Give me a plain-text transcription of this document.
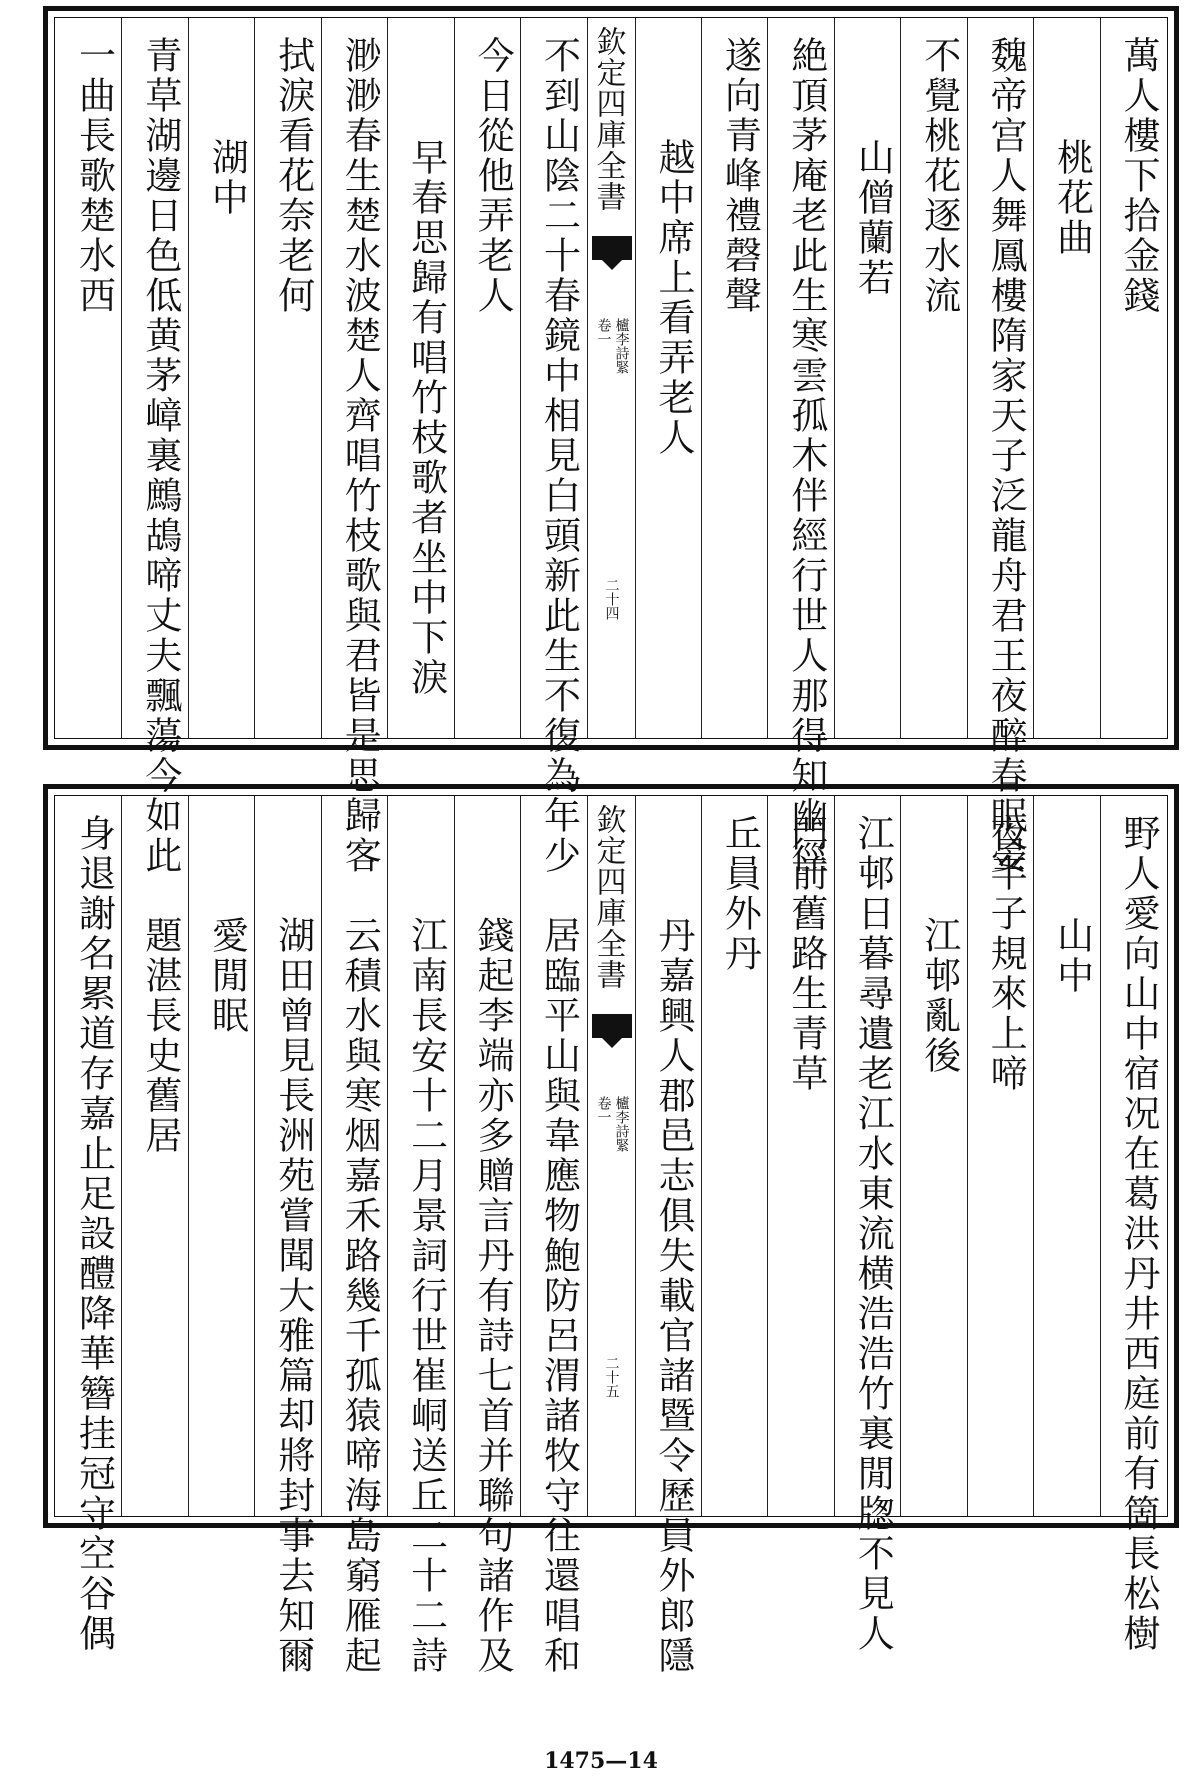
萬人樓下拾金錢
桃花曲
魏帝宫人舞鳳樓隋家天子泛龍舟君王夜醉春眠晏
不覺桃花逐水流
山僧蘭若
絶頂茅庵老此生寒雲孤木伴經行世人那得知幽徑
遂向青峰禮磬聲
越中席上看弄老人
欽定四庫全書
櫨李詩緊
卷一
二十四
不到山陰二十春鏡中相見白頭新此生不復為年少
今日從他弄老人
早春思歸有唱竹枝歌者坐中下淚
渺渺春生楚水波楚人齊唱竹枝歌與君皆是思歸客
拭淚看花奈老何
湖中
青草湖邊日色低黄茅嶂裏鷓鴣啼丈夫飄蕩今如此
一曲長歌楚水西
野人愛向山中宿况在葛洪丹井西庭前有箇長松樹
山中
夜半子規來上啼
江邨亂後
江邨日暮尋遺老江水東流横浩浩竹裏閒牎不見人
門前舊路生青草
丘員外丹
丹嘉興人郡邑志俱失載官諸暨令歷員外郎隱
欽定四庫全書
櫨李詩緊
卷一
二十五
居臨平山與韋應物鮑防呂渭諸牧守往還唱和
錢起李端亦多贈言丹有詩七首并聯句諸作及
江南長安十二月景詞行世崔峒送丘二十二詩
云積水與寒烟嘉禾路幾千孤猿啼海島窮雁起
湖田曾見長洲苑嘗聞大雅篇却將封事去知爾
愛閒眠
題湛長史舊居
身退謝名累道存嘉止足設醴降華簪挂冠守空谷偶
1475—14
